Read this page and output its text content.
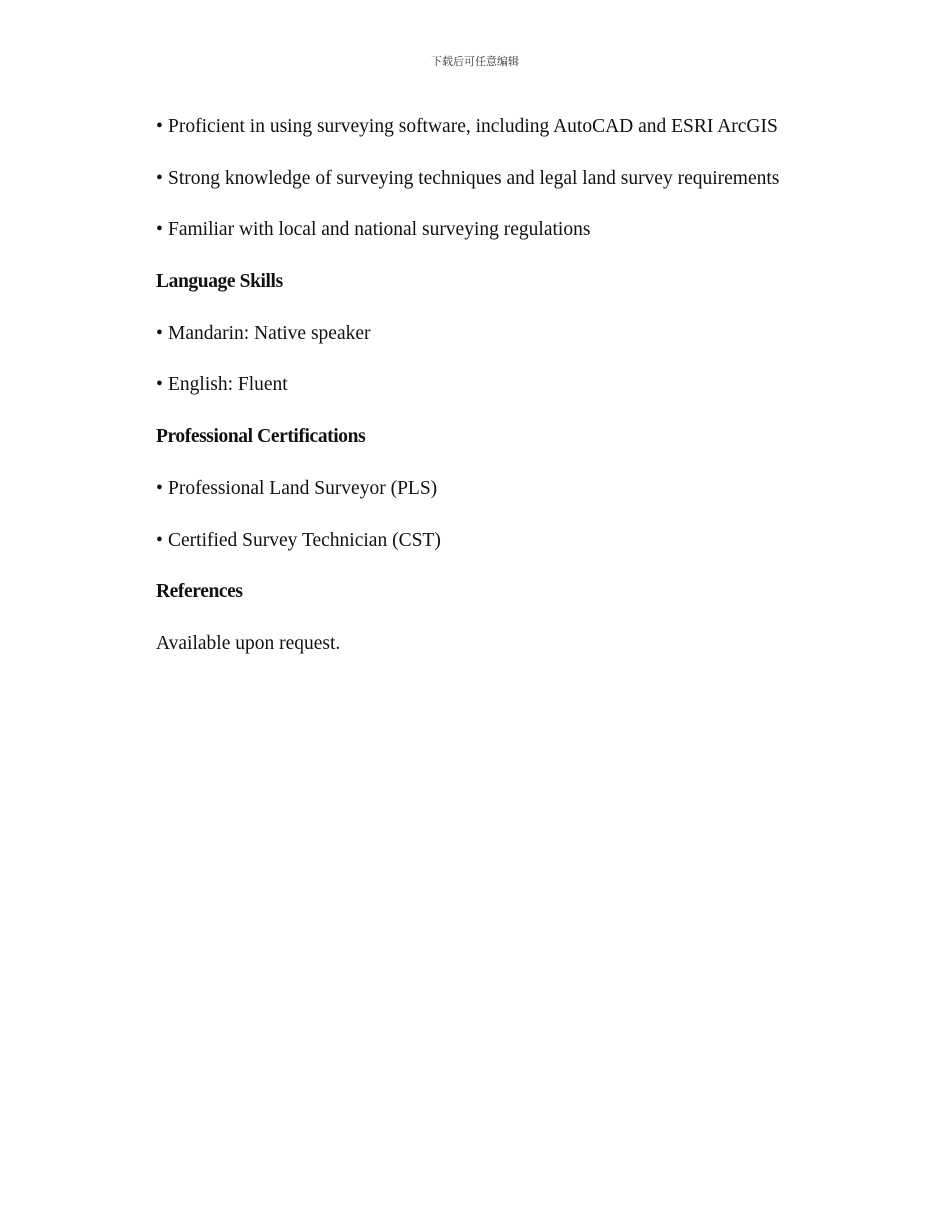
下载后可任意编辑
• Proficient in using surveying software, including AutoCAD and ESRI ArcGIS
• Strong knowledge of surveying techniques and legal land survey requirements
• Familiar with local and national surveying regulations
Language Skills
• Mandarin: Native speaker
• English: Fluent
Professional Certifications
• Professional Land Surveyor (PLS)
• Certified Survey Technician (CST)
References
Available upon request.
